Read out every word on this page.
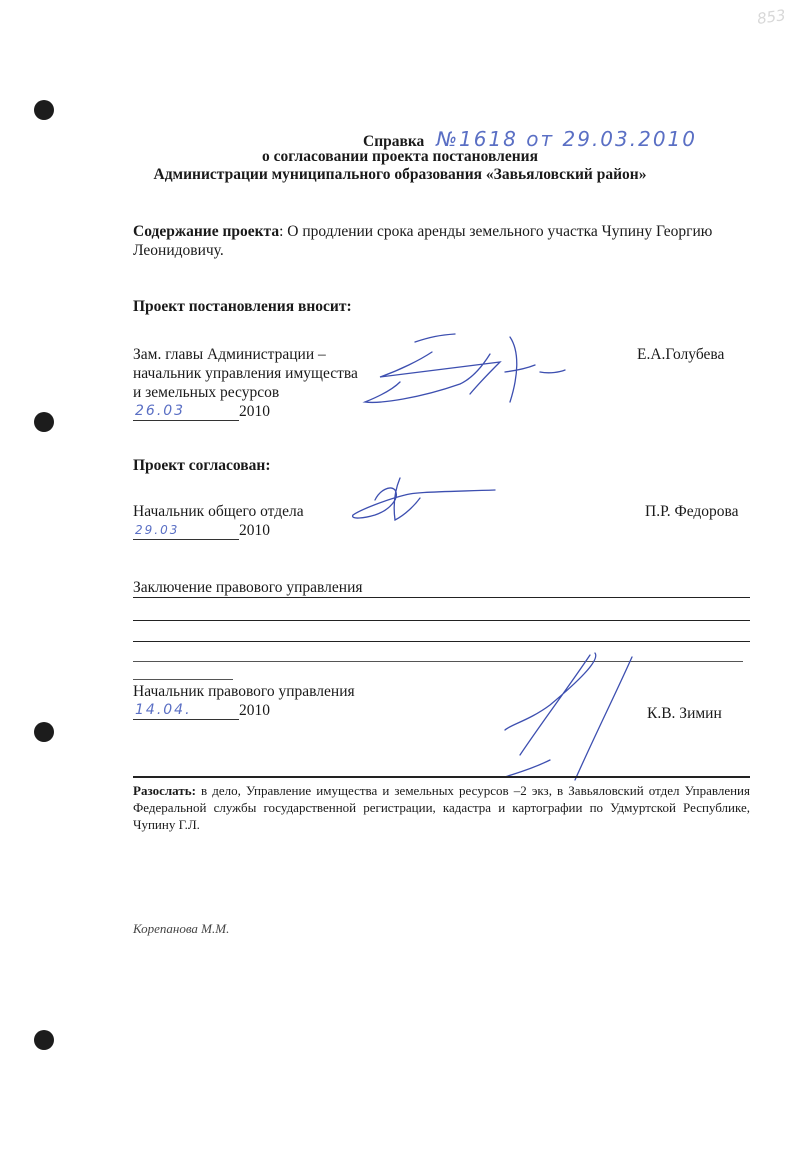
853
Справка №1618 от 29.03.2010
о согласовании проекта постановления
Администрации муниципального образования «Завьяловский район»
Содержание проекта: О продлении срока аренды земельного участка Чупину Георгию
Леонидовичу.
Проект постановления вносит:
Зам. главы Администрации –
начальник управления имущества
и земельных ресурсов
26.03	2010
Е.А.Голубева
Проект согласован:
Начальник общего отдела
29.03	2010
П.Р. Федорова
Заключение правового управления
Начальник правового управления
14.04.	2010	К.В. Зимин
Разослать: в дело, Управление имущества и земельных ресурсов –2 экз, в Завьяловский отдел Управления Федеральной службы государственной регистрации, кадастра и картографии по Удмуртской Республике, Чупину Г.Л.
Корепанова М.М.
